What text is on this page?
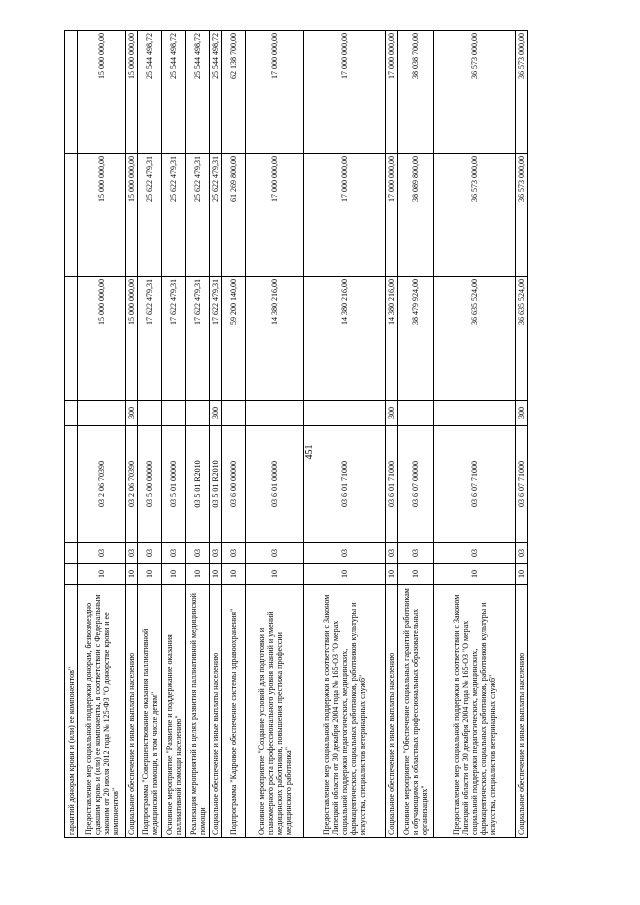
451
гарантий донорам крови и (или) ее компонентов"							
Предоставление мер социальной поддержки донорам, безвозмездно сдавшим кровь и (или) ее компоненты, в соответствии с Федеральным законом от 20 июля 2012 года № 125-ФЗ "О донорстве крови и ее компонентов"	10	03	03 2 06 70390		15 000 000,00	15 000 000,00	15 000 000,00
Социальное обеспечение и иные выплаты населению	10	03	03 2 06 70390	300	15 000 000,00	15 000 000,00	15 000 000,00
Подпрограмма "Совершенствование оказания паллиативной медицинской помощи, в том числе детям"	10	03	03 5 00 00000		17 622 479,31	25 622 479,31	25 544 498,72
Основное мероприятие "Развитие и поддержание оказания паллиативной помощи населению"	10	03	03 5 01 00000		17 622 479,31	25 622 479,31	25 544 498,72
Реализация мероприятий в целях развития паллиативной медицинской помощи	10	03	03 5 01 R2010		17 622 479,31	25 622 479,31	25 544 498,72
Социальное обеспечение и иные выплаты населению	10	03	03 5 01 R2010	300	17 622 479,31	25 622 479,31	25 544 498,72
Подпрограмма "Кадровое обеспечение системы здравоохранения"	10	03	03 6 00 00000		59 200 140,00	61 269 800,00	62 138 700,00
Основное мероприятие "Создание условий для подготовки и планомерного роста профессионального уровня знаний и умений медицинских работников, повышения престижа профессии медицинского работника"	10	03	03 6 01 00000		14 380 216,00	17 000 000,00	17 000 000,00
Предоставление мер социальной поддержки в соответствии с Законом Липецкой области от 30 декабря 2004 года № 165-ОЗ "О мерах социальной поддержки педагогических, медицинских, фармацевтических, социальных работников, работников культуры и искусства, специалистов ветеринарных служб"	10	03	03 6 01 71000		14 380 216,00	17 000 000,00	17 000 000,00
Социальное обеспечение и иные выплаты населению	10	03	03 6 01 71000	300	14 380 216,00	17 000 000,00	17 000 000,00
Основное мероприятие "Обеспечение социальных гарантий работникам и обучающимся в областных профессиональных образовательных организациях"	10	03	03 6 07 00000		38 479 924,00	38 089 800,00	38 038 700,00
Предоставление мер социальной поддержки в соответствии с Законом Липецкой области от 30 декабря 2004 года № 165-ОЗ "О мерах социальной поддержки педагогических, медицинских, фармацевтических, социальных работников, работников культуры и искусства, специалистов ветеринарных служб"	10	03	03 6 07 71000		36 635 524,00	36 573 000,00	36 573 000,00
Социальное обеспечение и иные выплаты населению	10	03	03 6 07 71000	300	36 635 524,00	36 573 000,00	36 573 000,00
